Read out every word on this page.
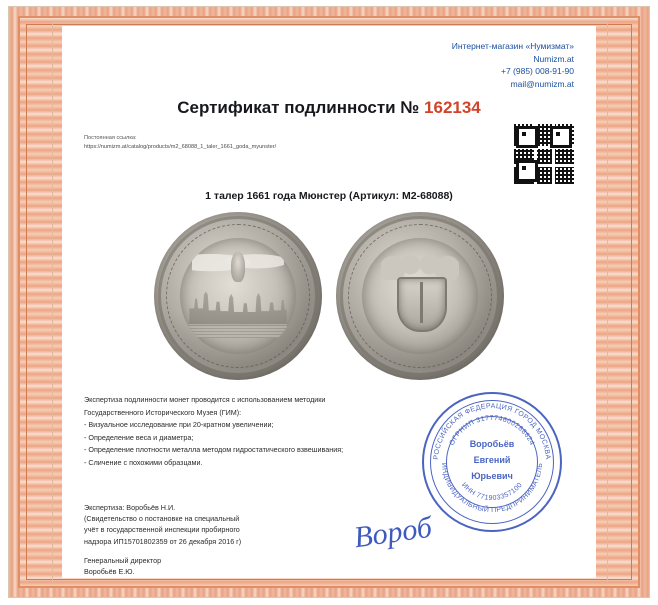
Интернет-магазин «Нумизмат»
Numizm.at
+7 (985) 008-91-90
mail@numizm.at
Сертификат подлинности № 162134
Постоянная ссылка:
https://numizm.at/catalog/products/m2_68088_1_taler_1661_goda_myunster/
1 талер 1661 года Мюнстер (Артикул: М2-68088)
Экспертиза подлинности монет проводится с использованием методики
Государственного Исторического Музея (ГИМ):
- Визуальное исследование при 20-кратном увеличении;
- Определение веса и диаметра;
- Определение плотности металла методом гидростатического взвешивания;
- Сличение с похожими образцами.
Экспертиза: Воробьёв Н.И.
(Свидетельство о постановке на специальный
учёт в государственной инспекции пробирного
надзора ИП15701802359 от 26 декабря 2016 г)
Генеральный директор
Воробьёв Е.Ю.
РОССИЙСКАЯ ФЕДЕРАЦИЯ ГОРОД МОСКВА
ИНДИВИДУАЛЬНЫЙ ПРЕДПРИНИМАТЕЛЬ
ОГРНИП 317774600288624
ИНН 771903357100
Воробьёв
Евгений
Юрьевич
Вороб
